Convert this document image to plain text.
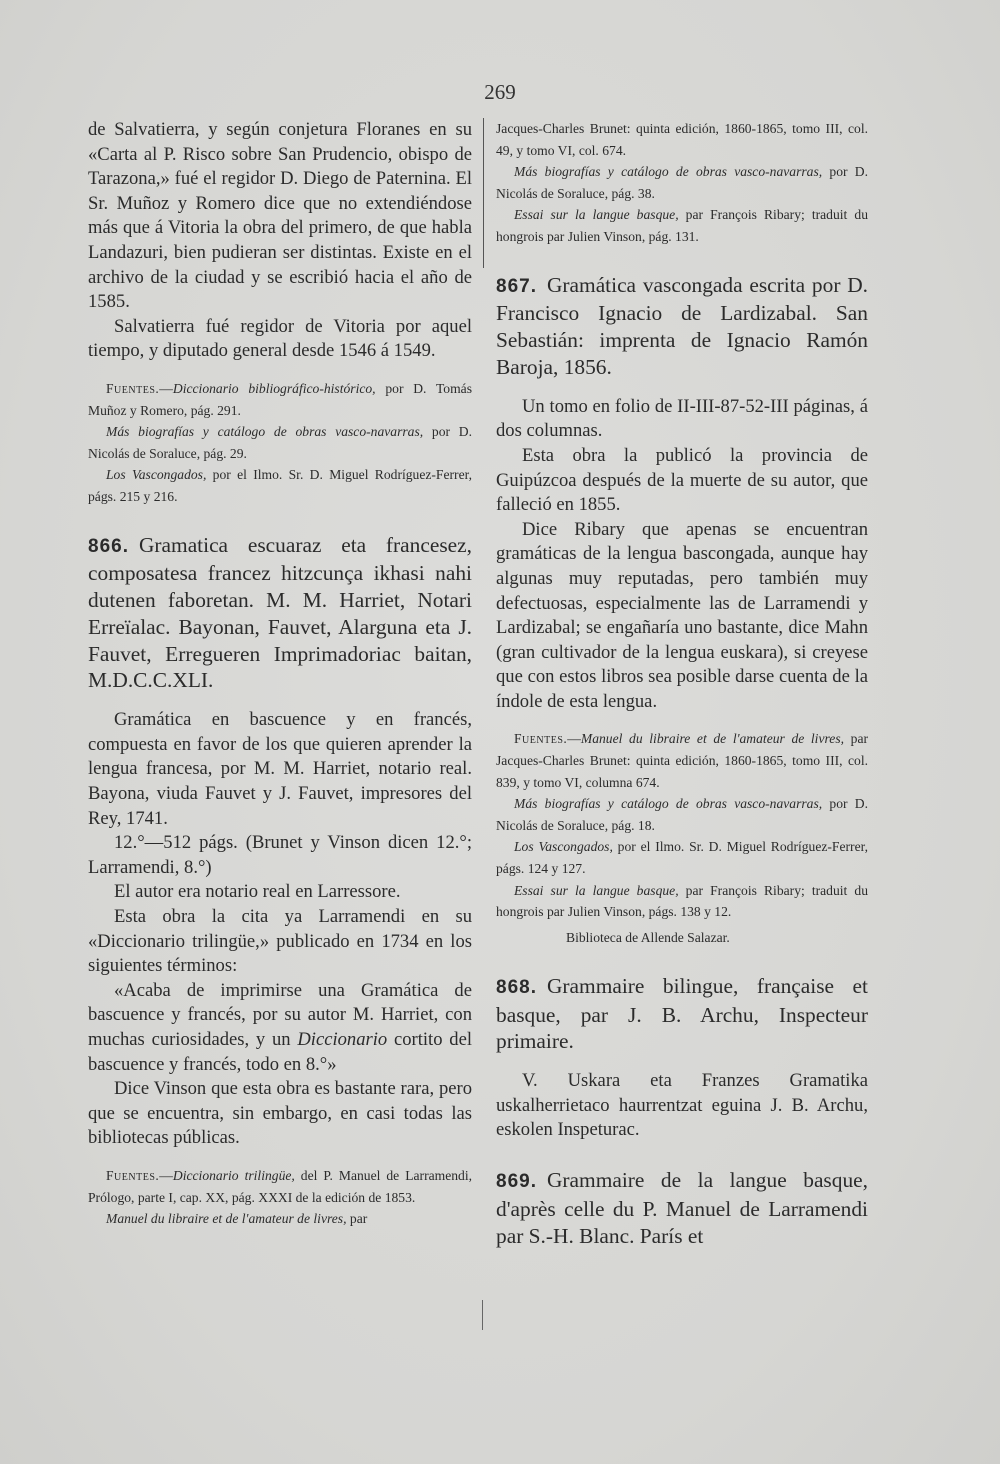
269

de Salvatierra, y según conjetura Floranes en su «Carta al P. Risco sobre San Prudencio, obispo de Tarazona,» fué el regidor D. Diego de Paternina. El Sr. Muñoz y Romero dice que no extendiéndose más que á Vitoria la obra del primero, de que habla Landazuri, bien pudieran ser distintas. Existe en el archivo de la ciudad y se escribió hacia el año de 1585.

Salvatierra fué regidor de Vitoria por aquel tiempo, y diputado general desde 1546 á 1549.

Fuentes.—Diccionario bibliográfico-histórico, por D. Tomás Muñoz y Romero, pág. 291.

Más biografías y catálogo de obras vasco-navarras, por D. Nicolás de Soraluce, pág. 29.

Los Vascongados, por el Ilmo. Sr. D. Miguel Rodríguez-Ferrer, págs. 215 y 216.

866. Gramatica escuaraz eta francesez, composatesa francez hitzcunça ikhasi nahi dutenen faboretan. M. M. Harriet, Notari Erreïalac. Bayonan, Fauvet, Alarguna eta J. Fauvet, Erregueren Imprimadoriac baitan, M.D.C.C.XLI.

Gramática en bascuence y en francés, compuesta en favor de los que quieren aprender la lengua francesa, por M. M. Harriet, notario real. Bayona, viuda Fauvet y J. Fauvet, impresores del Rey, 1741.

12.°—512 págs. (Brunet y Vinson dicen 12.°; Larramendi, 8.°)

El autor era notario real en Larressore.

Esta obra la cita ya Larramendi en su «Diccionario trilingüe,» publicado en 1734 en los siguientes términos:

«Acaba de imprimirse una Gramática de bascuence y francés, por su autor M. Harriet, con muchas curiosidades, y un Diccionario cortito del bascuence y francés, todo en 8.°»

Dice Vinson que esta obra es bastante rara, pero que se encuentra, sin embargo, en casi todas las bibliotecas públicas.

Fuentes.—Diccionario trilingüe, del P. Manuel de Larramendi, Prólogo, parte I, cap. XX, pág. XXXI de la edición de 1853.

Manuel du libraire et de l'amateur de livres, par

Jacques-Charles Brunet: quinta edición, 1860-1865, tomo III, col. 49, y tomo VI, col. 674.

Más biografías y catálogo de obras vasco-navarras, por D. Nicolás de Soraluce, pág. 38.

Essai sur la langue basque, par François Ribary; traduit du hongrois par Julien Vinson, pág. 131.

867. Gramática vascongada escrita por D. Francisco Ignacio de Lardizabal. San Sebastián: imprenta de Ignacio Ramón Baroja, 1856.

Un tomo en folio de II-III-87-52-III páginas, á dos columnas.

Esta obra la publicó la provincia de Guipúzcoa después de la muerte de su autor, que falleció en 1855.

Dice Ribary que apenas se encuentran gramáticas de la lengua bascongada, aunque hay algunas muy reputadas, pero también muy defectuosas, especialmente las de Larramendi y Lardizabal; se engañaría uno bastante, dice Mahn (gran cultivador de la lengua euskara), si creyese que con estos libros sea posible darse cuenta de la índole de esta lengua.

Fuentes.—Manuel du libraire et de l'amateur de livres, par Jacques-Charles Brunet: quinta edición, 1860-1865, tomo III, col. 839, y tomo VI, columna 674.

Más biografías y catálogo de obras vasco-navarras, por D. Nicolás de Soraluce, pág. 18.

Los Vascongados, por el Ilmo. Sr. D. Miguel Rodríguez-Ferrer, págs. 124 y 127.

Essai sur la langue basque, par François Ribary; traduit du hongrois par Julien Vinson, págs. 138 y 12.

Biblioteca de Allende Salazar.

868. Grammaire bilingue, française et basque, par J. B. Archu, Inspecteur primaire.

V. Uskara eta Franzes Gramatika uskalherrietaco haurrentzat eguina J. B. Archu, eskolen Inspeturac.

869. Grammaire de la langue basque, d'après celle du P. Manuel de Larramendi par S.-H. Blanc. París et
